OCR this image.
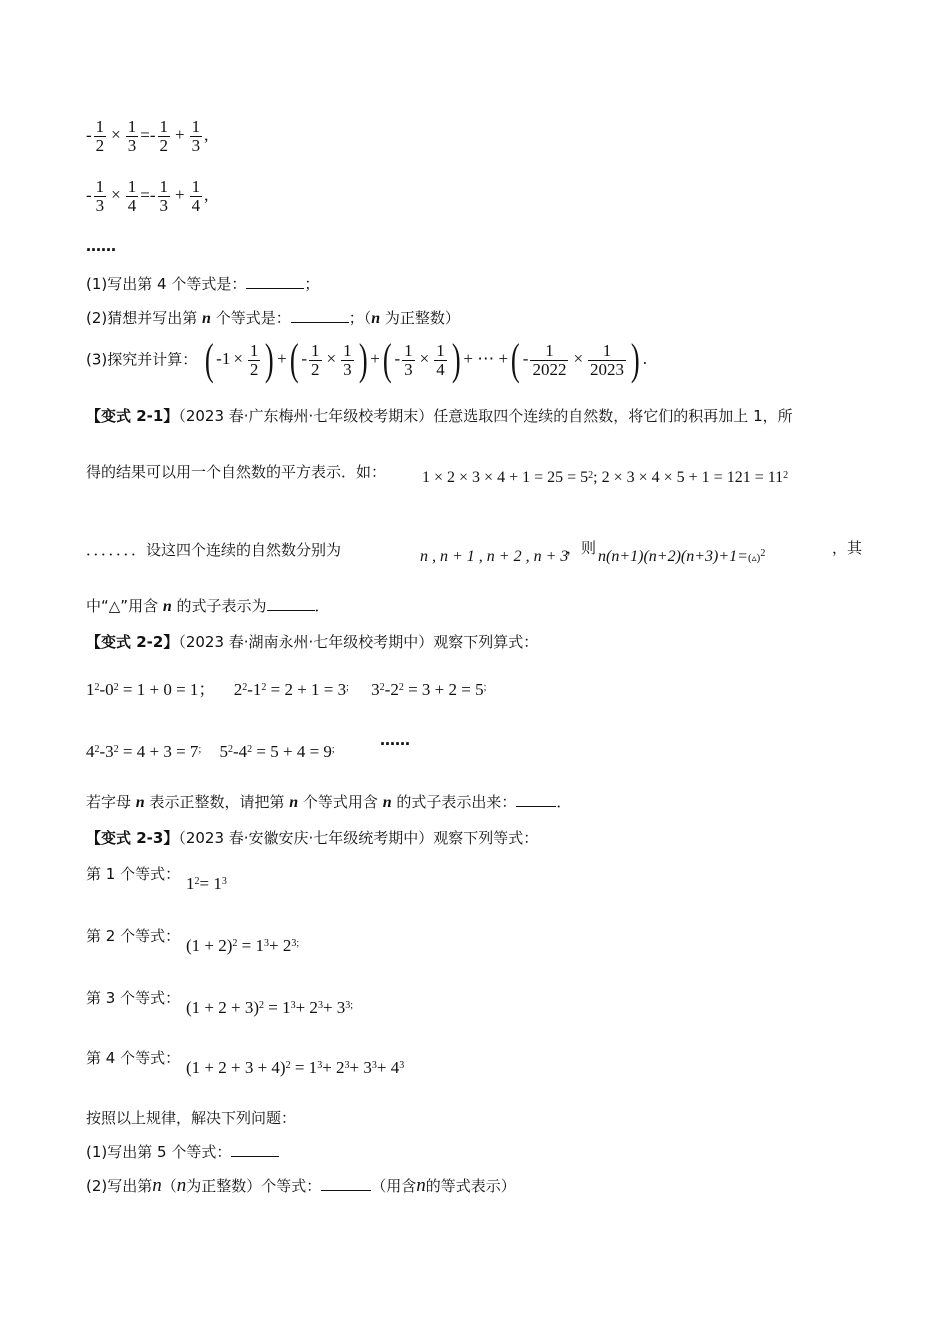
- $\frac{1}{2} \times \frac{1}{3} =- \frac{1}{2} + \frac{1}{3}$ ,
- $\frac{1}{3} \times \frac{1}{4} =- \frac{1}{3} + \frac{1}{4}$ ,
……
(1)写出第 4 个等式是：	；
(2)猜想并写出第 n 个等式是：	；（n 为正整数）
(3)探究并计算： ( $-1 \times \frac{1}{2}$ ) +( - $\frac{1}{2} \times \frac{1}{3}$ ) +( - $\frac{1}{3} \times \frac{1}{4}$ ) + ⋯ +( - $\frac{1}{2022} \times \frac{1}{2023}$ ) .
【变式 2-1】（2023 春·广东梅州·七年级校考期末）任意选取四个连续的自然数，将它们的积再加上 1，所
得的结果可以用一个自然数的平方表示．如： $1 \times 2 \times 3 \times 4 + 1 = 25 = 5^2$; $2 \times 3 \times 4 \times 5 + 1 = 121 = 11^2$
．．．．．．．设这四个连续的自然数分别为	n , n + 1 , n + 2 , n + 3
，则 n(n+1)(n+2)(n+3)+1=(▵)$^2$	，其
中“△”用含 n 的式子表示为	．
【变式 2-2】（2023 春·湖南永州·七年级校考期中）观察下列算式：
$1^2-0^2 = 1 + 0 = 1$； $2^2-1^2 = 2 + 1 = 3^;$ $3^2-2^2 = 3 + 2 = 5^;$
$4^2-3^2 = 4 + 3 = 7^;$ $5^2-4^2 = 5 + 4 = 9^;$
……
若字母 n 表示正整数，请把第 n 个等式用含 n 的式子表示出来：	．
【变式 2-3】（2023 春·安徽安庆·七年级统考期中）观察下列等式：
第 1 个等式： $1^2= 1^3$
第 2 个等式： $(1 + 2)^2 = 1^3+ 2^{3;}$
第 3 个等式： $(1 + 2 + 3)^2 = 1^3+ 2^3+ 3^{3;}$
第 4 个等式： $(1 + 2 + 3 + 4)^2 = 1^3+ 2^3+ 3^3+ 4^3$
按照以上规律，解决下列问题：
(1)写出第 5 个等式：
(2)写出第n（n为正整数）个等式：	（用含n的等式表示）
